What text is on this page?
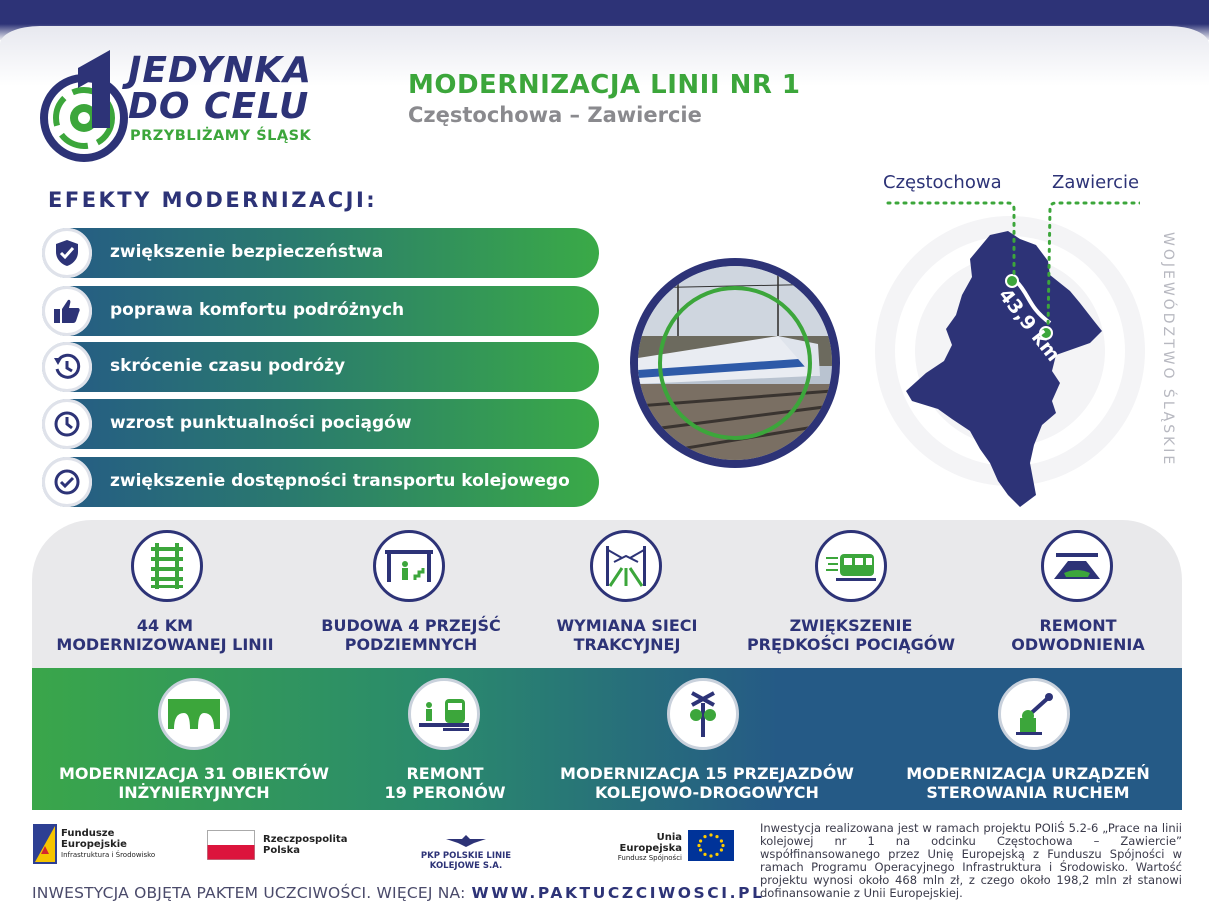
JEDYNKA
DO CELU
PRZYBLIŻAMY ŚLĄSK
MODERNIZACJA LINII NR 1
Częstochowa – Zawiercie
EFEKTY MODERNIZACJI:
zwiększenie bezpieczeństwa
poprawa komfortu podróżnych
skrócenie czasu podróży
wzrost punktualności pociągów
zwiększenie dostępności transportu kolejowego
43,9 km
Częstochowa	Zawiercie
WOJEWÓDZTWO ŚLĄSKIE
44 KM
MODERNIZOWANEJ LINII
BUDOWA 4 PRZEJŚĆ
PODZIEMNYCH
WYMIANA SIECI
TRAKCYJNEJ
ZWIĘKSZENIE
PRĘDKOŚCI POCIĄGÓW
REMONT
ODWODNIENIA
MODERNIZACJA 31 OBIEKTÓW
INŻYNIERYJNYCH
REMONT
19 PERONÓW
MODERNIZACJA 15 PRZEJAZDÓW
KOLEJOWO-DROGOWYCH
MODERNIZACJA URZĄDZEŃ
STEROWANIA RUCHEM
Fundusze
Europejskie
Infrastruktura i Środowisko
Rzeczpospolita
Polska	PKP POLSKIE LINIE KOLEJOWE S.A.
Unia Europejska
Fundusz Spójności
Inwestycja realizowana jest w ramach projektu POIiŚ 5.2-6 „Prace na linii kolejowej nr 1 na odcinku Częstochowa – Zawiercie” współfinansowanego przez Unię Europejską z Funduszu Spójności w ramach Programu Operacyjnego Infrastruktura i Środowisko. Wartość projektu wynosi około 468 mln zł, z czego około 198,2 mln zł stanowi dofinansowanie z Unii Europejskiej.
INWESTYCJA OBJĘTA PAKTEM UCZCIWOŚCI. WIĘCEJ NA: WWW.PAKTUCZCIWOSCI.PL
